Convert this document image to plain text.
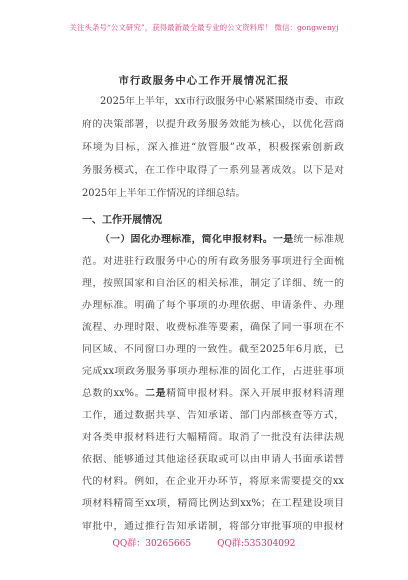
关注头条号“公文研究”，获得最新最全最专业的公文资料库！ 微信：gongwenyj
市行政服务中心工作开展情况汇报
2025年上半年，xx市行政服务中心紧紧围绕市委、市政
府的决策部署，以提升政务服务效能为核心，以优化营商
环境为目标，深入推进“放管服”改革，积极探索创新政
务服务模式，在工作中取得了一系列显著成效。以下是对
2025年上半年工作情况的详细总结。
一、工作开展情况
（一）固化办理标准，简化申报材料。一是统一标准规
范。对进驻行政服务中心的所有政务服务事项进行全面梳
理，按照国家和自治区的相关标准，制定了详细、统一的
办理标准。明确了每个事项的办理依据、申请条件、办理
流程、办理时限、收费标准等要素，确保了同一事项在不
同区域、不同窗口办理的一致性。截至2025年6月底，已
完成xx项政务服务事项办理标准的固化工作，占进驻事项
总数的xx%。二是精简申报材料。深入开展申报材料清理
工作，通过数据共享、告知承诺、部门内部核查等方式，
对各类申报材料进行大幅精简。取消了一批没有法律法规
依据、能够通过其他途径获取或可以由申请人书面承诺替
代的材料。例如，在企业开办环节，将原来需要提交的xx
项材料精简至xx项，精简比例达到xx%；在工程建设项目
审批中，通过推行告知承诺制，将部分审批事项的申报材
QQ群：30265665	QQ群:535304092
